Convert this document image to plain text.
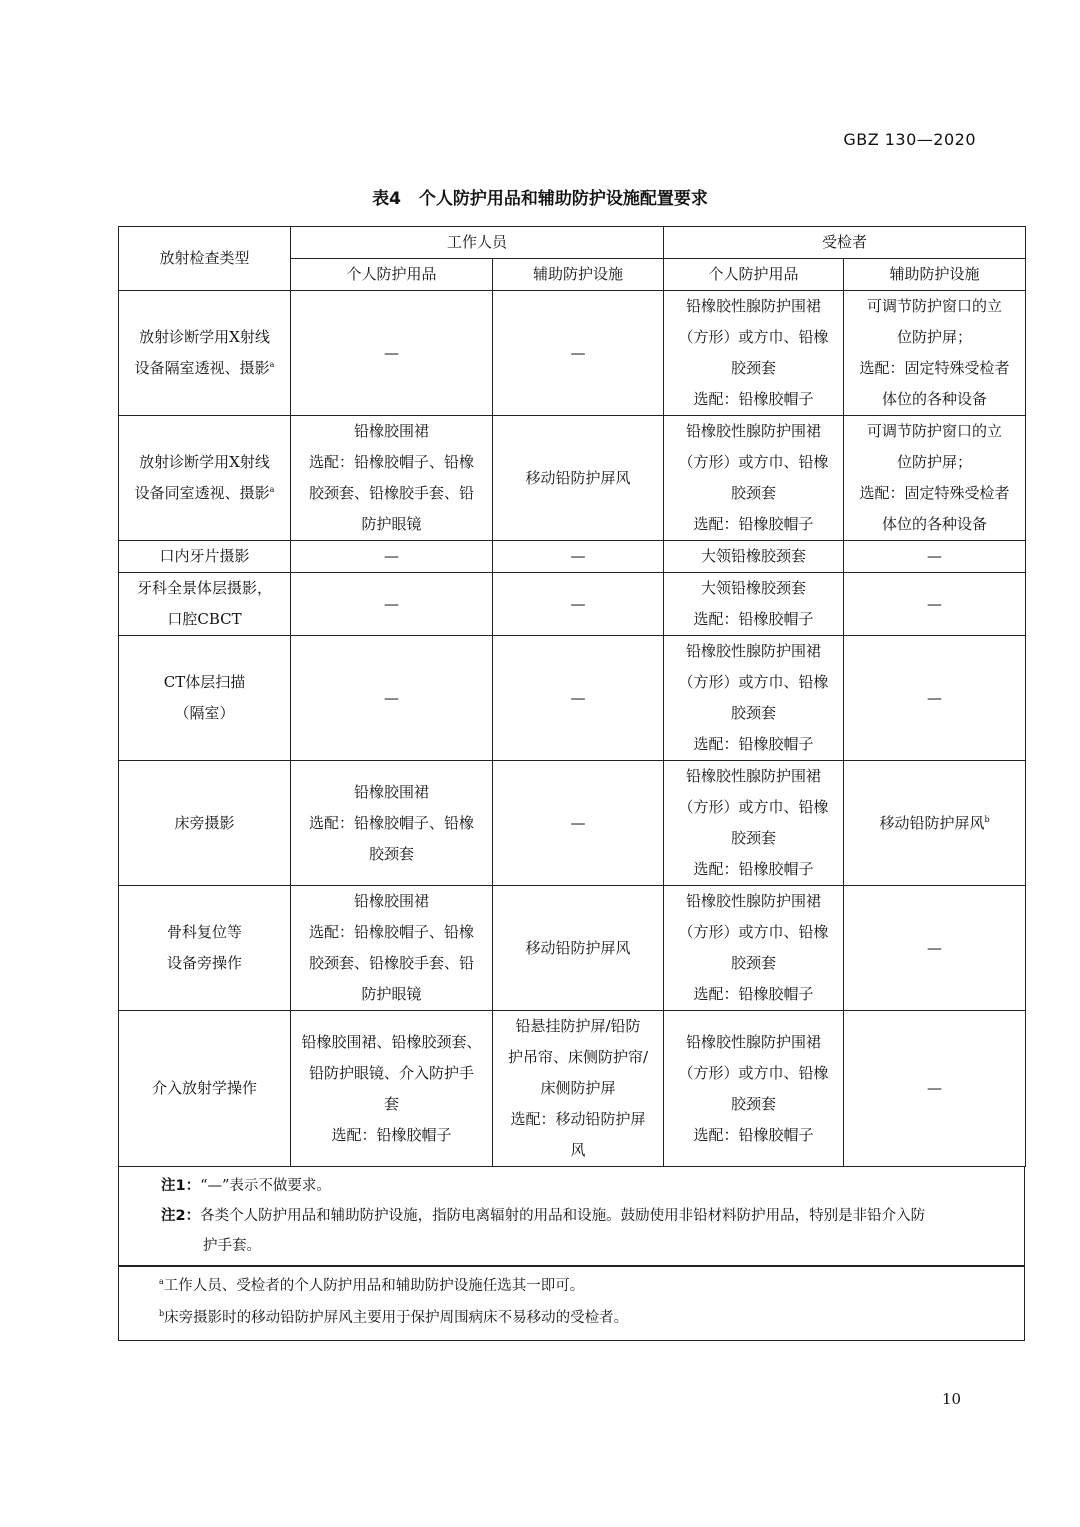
GBZ 130—2020
表4 个人防护用品和辅助防护设施配置要求
放射检查类型	工作人员		受检者	
	个人防护用品	辅助防护设施	个人防护用品	辅助防护设施

放射诊断学用X射线
设备隔室透视、摄影$^a$	—	—	铅橡胶性腺防护围裙
（方形）或方巾、铅橡
胶颈套
选配：铅橡胶帽子	可调节防护窗口的立
位防护屏；
选配：固定特殊受检者
体位的各种设备

放射诊断学用X射线
设备同室透视、摄影$^a$	铅橡胶围裙
选配：铅橡胶帽子、铅橡
胶颈套、铅橡胶手套、铅
防护眼镜	移动铅防护屏风	铅橡胶性腺防护围裙
（方形）或方巾、铅橡
胶颈套
选配：铅橡胶帽子	可调节防护窗口的立
位防护屏；
选配：固定特殊受检者
体位的各种设备

口内牙片摄影	—	—	大领铅橡胶颈套	—

牙科全景体层摄影，
口腔CBCT	—	—	大领铅橡胶颈套
选配：铅橡胶帽子	—

CT体层扫描
（隔室）	—	—	铅橡胶性腺防护围裙
（方形）或方巾、铅橡
胶颈套
选配：铅橡胶帽子	—

床旁摄影	铅橡胶围裙
选配：铅橡胶帽子、铅橡
胶颈套	—	铅橡胶性腺防护围裙
（方形）或方巾、铅橡
胶颈套
选配：铅橡胶帽子	移动铅防护屏风$^b$

骨科复位等
设备旁操作	铅橡胶围裙
选配：铅橡胶帽子、铅橡
胶颈套、铅橡胶手套、铅
防护眼镜	移动铅防护屏风	铅橡胶性腺防护围裙
（方形）或方巾、铅橡
胶颈套
选配：铅橡胶帽子	—

介入放射学操作	铅橡胶围裙、铅橡胶颈套、
铅防护眼镜、介入防护手
套
选配：铅橡胶帽子	铅悬挂防护屏/铅防
护吊帘、床侧防护帘/
床侧防护屏
选配：移动铅防护屏
风	铅橡胶性腺防护围裙
（方形）或方巾、铅橡
胶颈套
选配：铅橡胶帽子	—
注1：“—”表示不做要求。
注2：各类个人防护用品和辅助防护设施，指防电离辐射的用品和设施。鼓励使用非铅材料防护用品，特别是非铅介入防
护手套。
$^a$工作人员、受检者的个人防护用品和辅助防护设施任选其一即可。
$^b$床旁摄影时的移动铅防护屏风主要用于保护周围病床不易移动的受检者。
10
